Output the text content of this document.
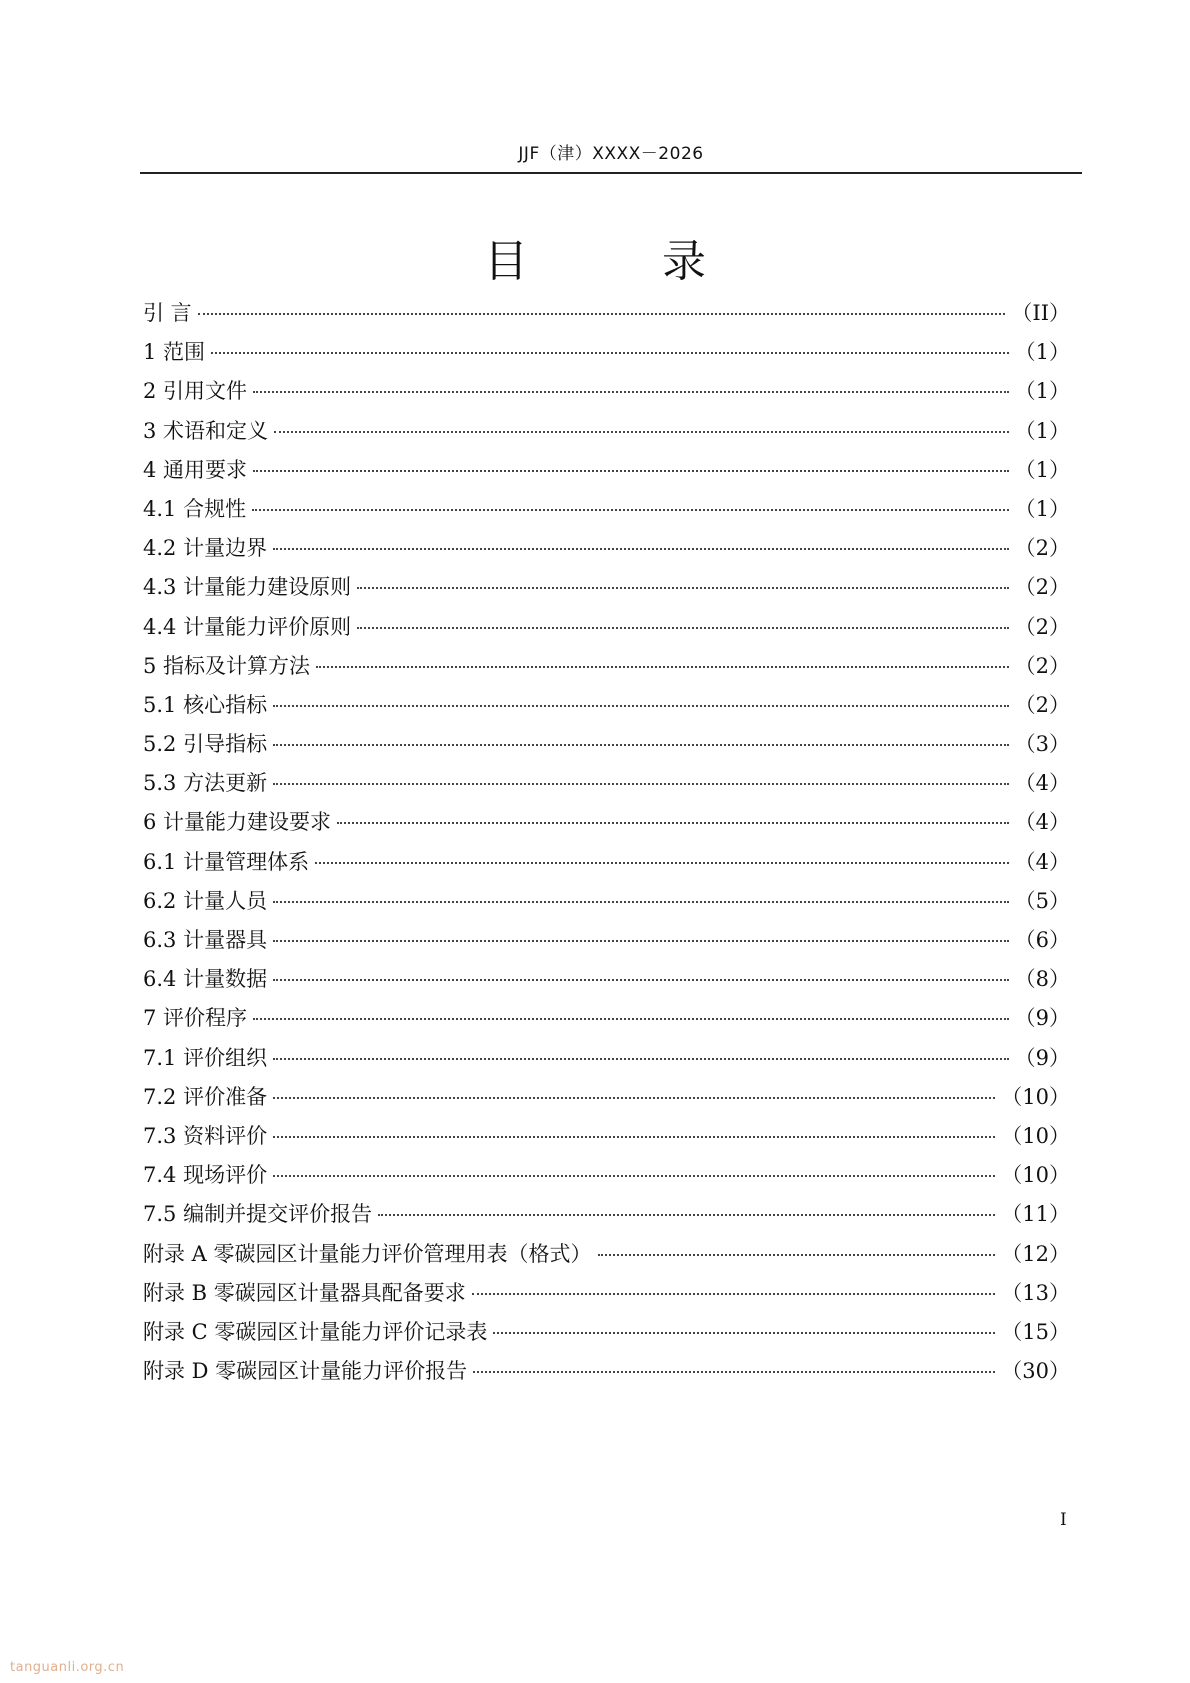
JJF（津）XXXX－2026
目 录
引 言	（II）
1 范围	（1）
2 引用文件	（1）
3 术语和定义	（1）
4 通用要求	（1）
4.1 合规性	（1）
4.2 计量边界	（2）
4.3 计量能力建设原则	（2）
4.4 计量能力评价原则	（2）
5 指标及计算方法	（2）
5.1 核心指标	（2）
5.2 引导指标	（3）
5.3 方法更新	（4）
6 计量能力建设要求	（4）
6.1 计量管理体系	（4）
6.2 计量人员	（5）
6.3 计量器具	（6）
6.4 计量数据	（8）
7 评价程序	（9）
7.1 评价组织	（9）
7.2 评价准备	（10）
7.3 资料评价	（10）
7.4 现场评价	（10）
7.5 编制并提交评价报告	（11）
附录 A 零碳园区计量能力评价管理用表（格式）	（12）
附录 B 零碳园区计量器具配备要求	（13）
附录 C 零碳园区计量能力评价记录表	（15）
附录 D 零碳园区计量能力评价报告	（30）
I
tanguanli.org.cn
